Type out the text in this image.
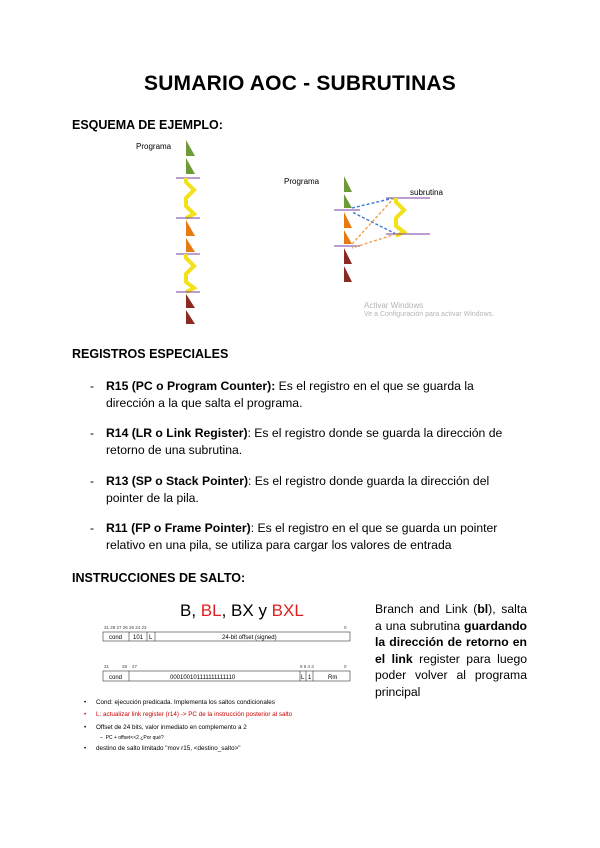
SUMARIO AOC - SUBRUTINAS
ESQUEMA DE EJEMPLO:
Programa
Programa
subrutina
Activar Windows
Ve a Configuración para activar Windows.
REGISTROS ESPECIALES
- R15 (PC o Program Counter): Es el registro en el que se guarda la dirección a la que salta el programa.
- R14 (LR o Link Register): Es el registro donde se guarda la dirección de retorno de una subrutina.
- R13 (SP o Stack Pointer): Es el registro donde guarda la dirección del pointer de la pila.
- R11 (FP o Frame Pointer): Es el registro en el que se guarda un pointer relativo en una pila, se utiliza para cargar los valores de entrada
INSTRUCCIONES DE SALTO:
B, BL, BX y BXL
31 28 27 26 25 24 23	0
cond 101 L	24-bit offset (signed)
31	28 27	6 5 4 3	0
cond	000100101111111111110	L 1	Rm
• Cond: ejecución predicada. Implementa los saltos condicionales
• L: actualizar link register (r14) -> PC de la instrucción posterior al salto
• Offset de 24 bits, valor inmediato en complemento a 2
–  PC + offset<<2 ¿Por qué?
• destino de salto limitado "mov r15, <destino_salto>"
Branch and Link (bl), salta a una subrutina guardando la dirección de retorno en el link register para luego poder volver al programa principal
